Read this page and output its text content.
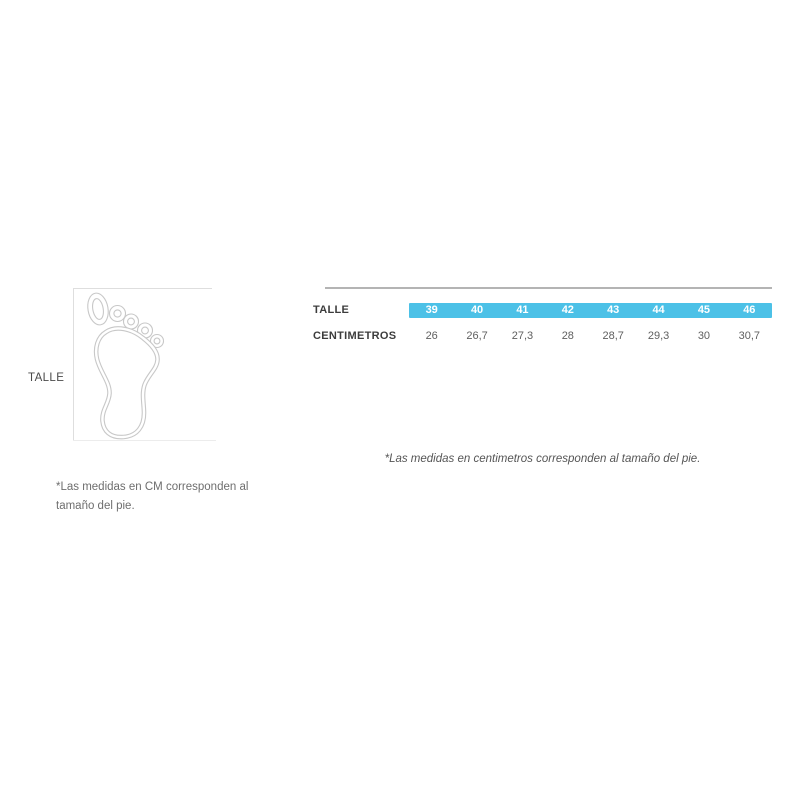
TALLE
*Las medidas en CM corresponden al
tamaño del pie.
TALLE	39	40	41	42	43	44	45	46
CENTIMETROS	26	26,7	27,3	28	28,7	29,3	30	30,7
*Las medidas en centimetros corresponden al tamaño del pie.
